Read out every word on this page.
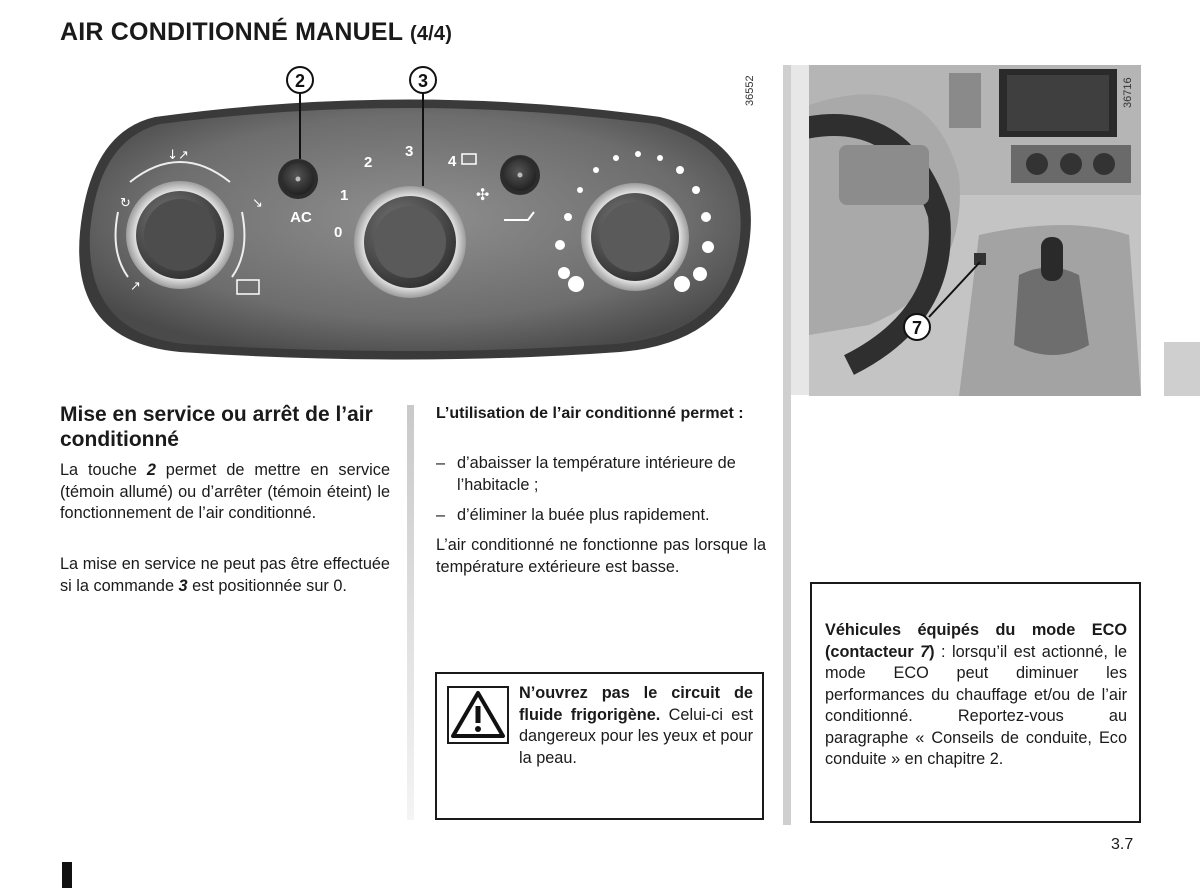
AIR CONDITIONNÉ MANUEL (4/4)
↓↗
↻	↘
↗
AC
0
1
2
3
4
✣
2	3	36552
7
36716
Mise en service ou arrêt de l’air conditionné
La touche 2 permet de mettre en service (témoin allumé) ou d’arrêter (témoin éteint) le fonctionnement de l’air conditionné.
La mise en service ne peut pas être effectuée si la commande 3 est positionnée sur 0.
L’utilisation de l’air conditionné permet :
– d’abaisser la température intérieure de l’habitacle ;
– d’éliminer la buée plus rapidement.
L’air conditionné ne fonctionne pas lorsque la température extérieure est basse.
N’ouvrez pas le circuit de fluide frigorigène. Celui-ci est dangereux pour les yeux et pour la peau.
Véhicules équipés du mode ECO (contacteur 7) : lorsqu’il est actionné, le mode ECO peut diminuer les performances du chauffage et/ou de l’air conditionné. Reportez-vous au paragraphe « Conseils de conduite, Eco conduite » en chapitre 2.
3.7
